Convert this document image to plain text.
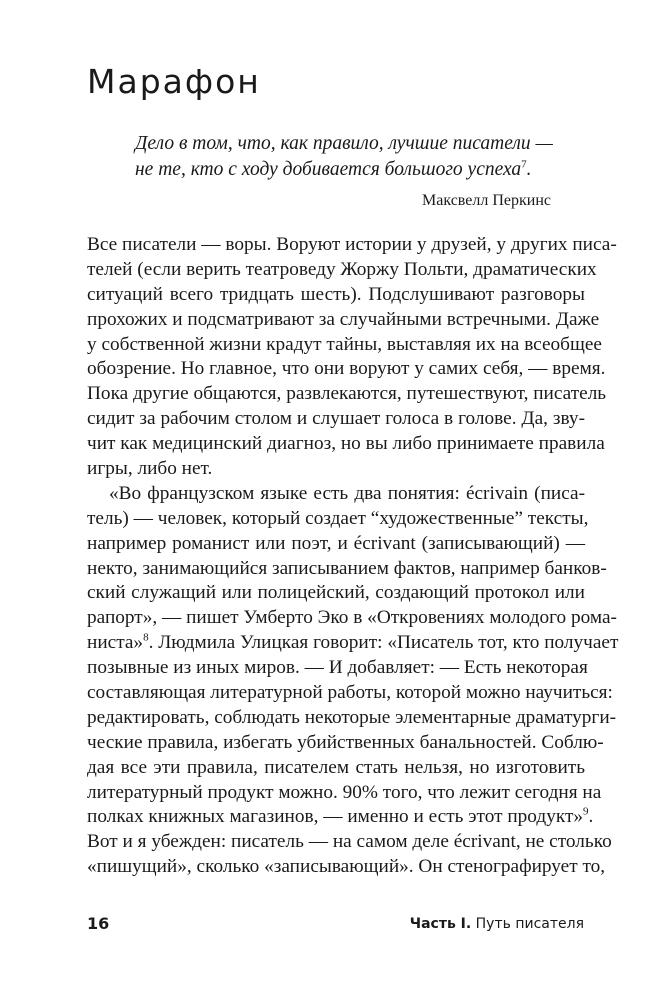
Марафон
Дело в том, что, как правило, лучшие писатели —
не те, кто с ходу добивается большого успеха$^7$.
Максвелл Перкинс
Все писатели — воры. Воруют истории у друзей, у других писа-
телей (если верить театроведу Жоржу Польти, драматических
ситуаций всего тридцать шесть). Подслушивают разговоры
прохожих и подсматривают за случайными встречными. Даже
у собственной жизни крадут тайны, выставляя их на всеобщее
обозрение. Но главное, что они воруют у самих себя, — время.
Пока другие общаются, развлекаются, путешествуют, писатель
сидит за рабочим столом и слушает голоса в голове. Да, зву-
чит как медицинский диагноз, но вы либо принимаете правила
игры, либо нет.
«Во французском языке есть два понятия: écrivain (писа-
тель) — человек, который создает “художественные” тексты,
например романист или поэт, и écrivant (записывающий) —
некто, занимающийся записыванием фактов, например банков-
ский служащий или полицейский, создающий протокол или
рапорт», — пишет Умберто Эко в «Откровениях молодого рома-
ниста»$^8$. Людмила Улицкая говорит: «Писатель тот, кто получает
позывные из иных миров. — И добавляет: — Есть некоторая
составляющая литературной работы, которой можно научиться:
редактировать, соблюдать некоторые элементарные драматурги-
ческие правила, избегать убийственных банальностей. Соблю-
дая все эти правила, писателем стать нельзя, но изготовить
литературный продукт можно. 90% того, что лежит сегодня на
полках книжных магазинов, — именно и есть этот продукт»$^9$.
Вот и я убежден: писатель — на самом деле écrivant, не столько
«пишущий», сколько «записывающий». Он стенографирует то,
16	Часть I. Путь писателя
